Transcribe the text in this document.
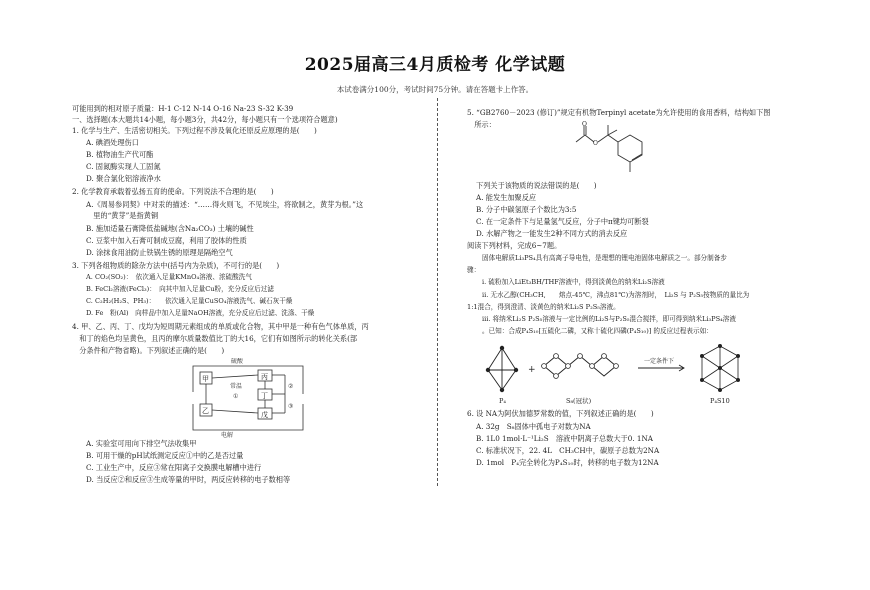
2025届高三4月质检考 化学试题
本试卷满分100分，考试时间75分钟。请在答题卡上作答。
可能用到的相对原子质量：H-1 C-12 N-14 O-16 Na-23 S-32 K-39
一、选择题(本大题共14小题，每小题3分，共42分，每小题只有一个选项符合题意)
1. 化学与生产、生活密切相关。下列过程不涉及氧化还原反应原理的是(　　)
A. 碘酒处理伤口
B. 植物油生产代可酯
C. 固氮酶实现人工固氮
D. 聚合氯化铝溶液净水
2. 化学教育承载着弘扬五育的使命。下列说法不合理的是(　　)
A.《周易参同契》中对汞的描述：“……得火则飞，不见埃尘，将欲制之，黄芽为根。”这
　里的“黄芽”是指黄铜
B. 施加适量石膏降低盐碱地(含Na₂CO₃) 土壤的碱性
C. 豆浆中加入石膏可制成豆腐，利用了胶体的性质
D. 涂抹食用油防止铁锅生锈的原理是隔绝空气
3. 下列各组物质的除杂方法中(括号内为杂质)，不可行的是(　　)
A. CO₂(SO₂)：　依次通入足量KMnO₄溶液、浓硫酸洗气
B. FeCl₂溶液(FeCl₃)：　向其中加入足量Cu粉，充分反应后过滤
C. C₂H₂(H₂S、PH₃)：　　依次通入足量CuSO₄溶液洗气、碱石灰干燥
D. Fe　粉(Al)　向样品中加入足量NaOH溶液，充分反应后过滤、洗涤、干燥
4. 甲、乙、丙、丁、戊均为短周期元素组成的单质或化合物，其中甲是一种有色气体单质，丙
　和丁的焰色均呈黄色，且丙的摩尔质量数值比丁的大16，它们有如图所示的转化关系(部
　分条件和产物省略)。下列叙述正确的是(　　)
硫酸
常温
①
电解
②
③
甲
乙
丙
丁
戊
A. 实验室可用向下排空气法收集甲
B. 可用干燥的pH试纸测定反应①中的乙是否过量
C. 工业生产中，反应③常在阳离子交换膜电解槽中进行
D. 当反应②和反应③生成等量的甲时，两反应转移的电子数相等
5. “GB2760－2023 (修订)”规定有机物Terpinyl acetate为允许使用的食用香料，结构如下图
　所示：	O
O
下列关于该物质的说法错误的是(　　)
A. 能发生加聚反应
B. 分子中碳氢原子个数比为3:5
C. 在一定条件下与足量氢气反应，分子中π键均可断裂
D. 水解产物之一能发生2种不同方式的消去反应
阅读下列材料，完成6~7题。
固体电解质Li₃PS₄具有高离子导电性，是理想的锂电池固体电解质之一。部分制备步
骤：
i. 硫粉加入LiEt₃BH/THF溶液中，得到淡黄色的纳米Li₂S溶液
ii. 无水乙醇(CH₃CH,　　熔点-45℃，沸点81℃)为溶剂时，　Li₂S 与 P₂S₅按物质的量比为
1:1混合，得到澄清、淡黄色的纳米Li₂S P₂S₅溶液。
iii. 将纳米Li₂S P₂S₅溶液与一定比例的Li₂S与P₂S₅混合搅拌，即可得到纳米Li₃PS₄溶液
。已知：合成P₄S₁₀[五硫化二磷，又称十硫化四磷(P₄S₁₀)] 的反应过程表示如：
P₄
+
S₈(冠状)
一定条件下
P₄S10
6. 设 NA为阿伏加德罗常数的值，下列叙述正确的是(　　)
A. 32g　S₈固体中孤电子对数为NA
B. 1L0 1mol·L⁻¹Li₂S　溶液中阴离子总数大于0. 1NA
C. 标准状况下，22. 4L　CH₃CH中，碳原子总数为2NA
D. 1mol　P₄完全转化为P₄S₁₀时，转移的电子数为12NA
